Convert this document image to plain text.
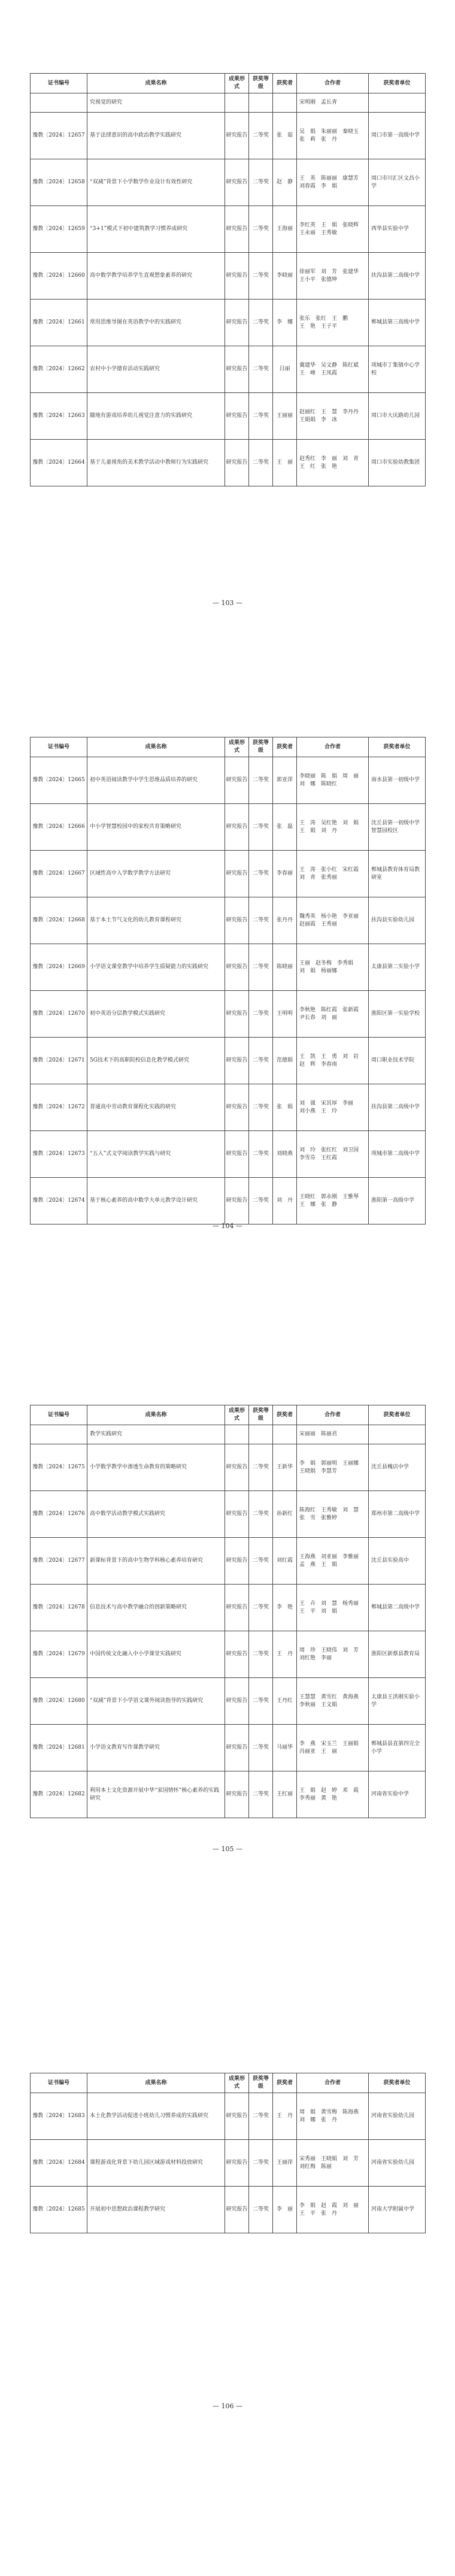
证书编号	成果名称	成果形式	获奖等级	获奖者	合作者	获奖者单位
	究视觉的研究				宋明刚　孟长青	
豫教〔2024〕12657	基于法律意识的高中政治教学实践研究	研究报告	二等奖	张　茹	吴　娟　朱丽丽　秦晓玉
张　莉　张　丹	周口市第一高级中学
豫教〔2024〕12658	“双减”背景下小学数学作业设计有效性研究	研究报告	二等奖	赵　静	王　英　陈丽丽　康慧芳
刘春霞　李　娟	周口市川汇区文昌小学
豫教〔2024〕12659	“3+1”模式下初中建筑教学习惯养成研究	研究报告	二等奖	王海丽	李红英　王　娟　张晓辉
王永丽　王秀敏	西华县实验中学
豫教〔2024〕12660	高中数学教学培养学生直观想象素养的研究	研究报告	二等奖	李晓丽	徐丽军　刘　芳　张建华
王小平　张德坤	扶沟县第二高级中学
豫教〔2024〕12661	常用思维导图在英语教学中的实践研究	研究报告	二等奖	李　娜	张乐　张红　王　鹏
王　艳　王子平	郸城县第三高级中学
豫教〔2024〕12662	农村中小学德育活动实践研究	研究报告	二等奖	吕丽	冀建华　吴文静　陈红斌
王　峰　王凤霞	项城市丁集镇中心学校
豫教〔2024〕12663	随地有游戏培养幼儿视觉注意力的实践研究	研究报告	二等奖	王丽丽	赵丽红　王　慧　李丹丹
王娟娟　李　冰	周口市大庆路幼儿园
豫教〔2024〕12664	基于儿童视角的美术教学活动中教师行为实践研究	研究报告	二等奖	王　丽	赵秀红　李　丽　刘　青
王　红　张　艳	周口市实验幼教集团
— 103 —
证书编号	成果名称	成果形式	获奖等级	获奖者	合作者	获奖者单位
豫教〔2024〕12665	初中英语阅读教学中学生思维品质培养的研究	研究报告	二等奖	郭亚萍	李晓丽　陈　娟　周　丽
刘　娜　陈晓红	商水县第一初级中学
豫教〔2024〕12666	中小学智慧校园中的家校共育策略研究	研究报告	二等奖	张　磊	王　涛　吴红艳　刘　娟
王　娟　刘　丹	沈丘县第一初级中学智慧园校区
豫教〔2024〕12667	区域性高中入学数学教学方法研究	研究报告	二等奖	李春丽	王　涛　张小红　宋红霞
刘　青　张秀丽	郸城县教育体育局教研室
豫教〔2024〕12668	基于本土节气文化的幼儿教育课程研究	研究报告	二等奖	张丹丹	魏秀英　杨小艳　李亚丽
赵丽霞　王秀丽	扶沟县实验幼儿园
豫教〔2024〕12669	小学语文课堂教学中培养学生质疑能力的实践研究	研究报告	二等奖	陈晓丽	王丽　赵冬梅　李秀娟
刘　娟　杨丽娜	太康县第二实验小学
豫教〔2024〕12670	初中英语分层教学模式实践研究	研究报告	二等奖	王明明	李秋艳　陈红霞　张新霞
尹长春　刘　丽	淮阳区第一实验学校
豫教〔2024〕12671	5G技术下的高职院校信息化教学模式研究	研究报告	二等奖	范德娟	王　凯　王　勇　刘　岩
赵　辉　李春雨	周口职业技术学院
豫教〔2024〕12672	普通高中劳动教育课程化实践的研究	研究报告	二等奖	张　娟	刘　强　宋其厚　李丽
刘小燕　王　玲	扶沟县第二高级中学
豫教〔2024〕12673	“五入”式文学阅读教学实践与研究	研究报告	二等奖	刘晓燕	刘　玲　张红红　刘卫国
李雪芬　王红霞	项城市第二高级中学
豫教〔2024〕12674	基于核心素养的高中数学大单元教学设计研究	研究报告	二等奖	刘　丹	王晓红　郭永刚　王雅琴
王　娜　张　静	淮阳第一高级中学
— 104 —
证书编号	成果名称	成果形式	获奖等级	获奖者	合作者	获奖者单位
	教学实践研究				宋丽丽　陈丽君	
豫教〔2024〕12675	小学数学教学中渗透生命教育的策略研究	研究报告	二等奖	王新华	李　娟　郭丽明　王丽娜
王晓娟　李慧芳	沈丘县槐店中学
豫教〔2024〕12676	高中数学活动教学模式实践研究	研究报告	二等奖	孙新红	陈海红　王秀敏　刘　慧
张　雪　张雅婷	郑州市第二高级中学
豫教〔2024〕12677	新课标背景下的高中生物学科核心素养培育研究	研究报告	二等奖	刘红霞	王海燕　刘亚丽　李雅丽
孟　燕　王　娟	沈丘县实验高中
豫教〔2024〕12678	信息技术与高中教学融合的创新策略研究	研究报告	二等奖	李　艳	王　卉　刘　慧　杨秀丽
王　平　刘　娟	郸城县第二高级中学
豫教〔2024〕12679	中国传统文化融入中小学课堂实践研究	研究报告	二等奖	王　丹	周　珍　王晓伟　刘　芳
刘红艳　李丽	淮阳区新蔡县教育局
豫教〔2024〕12680	“双减”背景下小学语文课外阅读指导的实践研究	研究报告	二等奖	王丹红	王慧慧　黄雪红　黄海燕
李秋丽　王文娟	太康县王洪刚实验小学
豫教〔2024〕12681	小学语文教育写作课教学研究	研究报告	二等奖	马丽华	李　燕　宋玉兰　王丽娟
冯丽亚　王　丽	郸城县县直第四完全小学
豫教〔2024〕12682	利用本土文化资源开展中华“家国情怀”核心素养的实践研究	研究报告	二等奖	王红丽	王　娟　赵　婷　邓　霞
李秀丽　黄　艳	河南省实验中学
— 105 —
证书编号	成果名称	成果形式	获奖等级	获奖者	合作者	获奖者单位
豫教〔2024〕12683	本土化教学活动促进小班幼儿习惯养成的实践研究	研究报告	二等奖	王　丹	周　娟　黄雪梅　陈海燕
刘　娜　张　丹	河南省实验幼儿园
豫教〔2024〕12684	课程游戏化背景下幼儿园区域游戏材料投放研究	研究报告	二等奖	王丽萍	宋秀丽　王晓娟　刘　芳
刘红梅　陈丽	河南省实验幼儿园
豫教〔2024〕12685	开展初中思想政治课程教学研究	研究报告	二等奖	李　丽	李　娟　赵　霞　刘　丽
王　平　张　丹	河南大学附属中学
— 106 —
